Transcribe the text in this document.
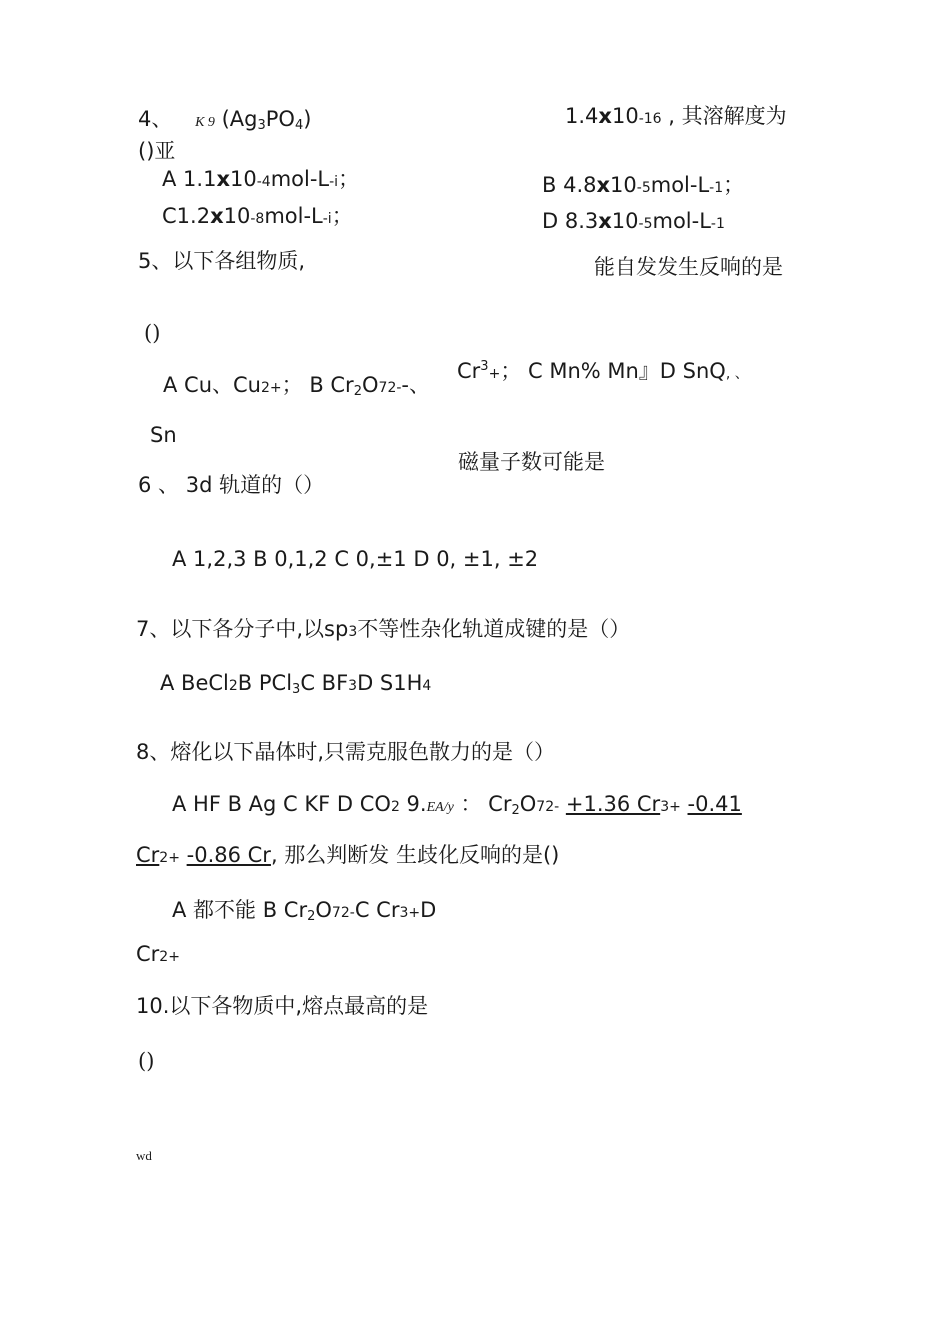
4、 K 9 $(Ag_3PO_4)$	1.4x10-16 , 其溶解度为
()亚
A 1.1x10-4mol-L-i；	B 4.8x10-5mol-L-1；
C1.2x10-8mol-L-i；	D 8.3x10-5mol-L-1
5、以下各组物质,	能自发发生反响的是
()
A Cu、Cu2+； B $Cr_2O72--$、
$Cr^3+$； C Mn% Mn』D SnQ, 、
Sn
磁量子数可能是
6 、 3d 轨道的（）
A 1,2,3 B 0,1,2 C 0,±1 D 0, ±1, ±2
7、以下各分子中,以sp3不等性杂化轨道成键的是（）
A BeCl2B PCl$_3$C BF3D S1H4
8、熔化以下晶体时,只需克服色散力的是（）
A HF B Ag C KF D CO2 9.EA/y ： $Cr_2O72- +1.36$ Cr3+ -0.41
Cr2+ -0.86 Cr, 那么判断发 生歧化反响的是()
A 都不能 B $Cr_2O72-C$ Cr3+D
Cr2+
10.以下各物质中,熔点最高的是
()
wd
